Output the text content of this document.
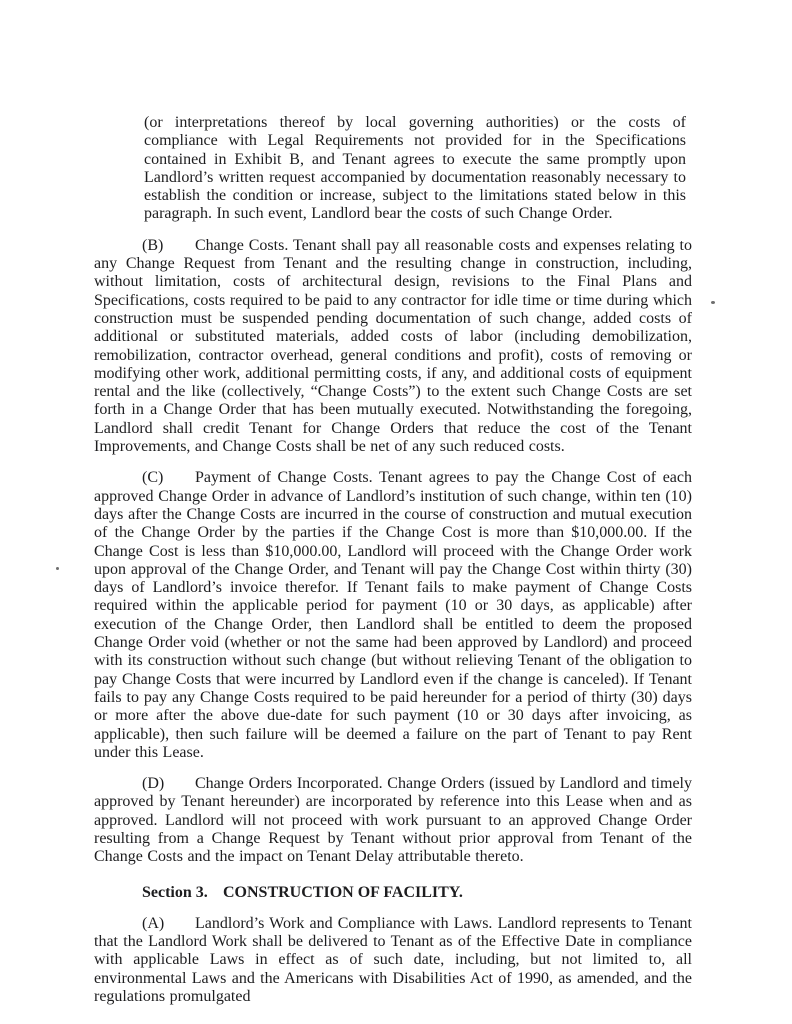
(or interpretations thereof by local governing authorities) or the costs of compliance with Legal Requirements not provided for in the Specifications contained in Exhibit B, and Tenant agrees to execute the same promptly upon Landlord’s written request accompanied by documentation reasonably necessary to establish the condition or increase, subject to the limitations stated below in this paragraph. In such event, Landlord bear the costs of such Change Order.

(B) Change Costs. Tenant shall pay all reasonable costs and expenses relating to any Change Request from Tenant and the resulting change in construction, including, without limitation, costs of architectural design, revisions to the Final Plans and Specifications, costs required to be paid to any contractor for idle time or time during which construction must be suspended pending documentation of such change, added costs of additional or substituted materials, added costs of labor (including demobilization, remobilization, contractor overhead, general conditions and profit), costs of removing or modifying other work, additional permitting costs, if any, and additional costs of equipment rental and the like (collectively, “Change Costs”) to the extent such Change Costs are set forth in a Change Order that has been mutually executed. Notwithstanding the foregoing, Landlord shall credit Tenant for Change Orders that reduce the cost of the Tenant Improvements, and Change Costs shall be net of any such reduced costs.

(C) Payment of Change Costs. Tenant agrees to pay the Change Cost of each approved Change Order in advance of Landlord’s institution of such change, within ten (10) days after the Change Costs are incurred in the course of construction and mutual execution of the Change Order by the parties if the Change Cost is more than $10,000.00. If the Change Cost is less than $10,000.00, Landlord will proceed with the Change Order work upon approval of the Change Order, and Tenant will pay the Change Cost within thirty (30) days of Landlord’s invoice therefor. If Tenant fails to make payment of Change Costs required within the applicable period for payment (10 or 30 days, as applicable) after execution of the Change Order, then Landlord shall be entitled to deem the proposed Change Order void (whether or not the same had been approved by Landlord) and proceed with its construction without such change (but without relieving Tenant of the obligation to pay Change Costs that were incurred by Landlord even if the change is canceled). If Tenant fails to pay any Change Costs required to be paid hereunder for a period of thirty (30) days or more after the above due-date for such payment (10 or 30 days after invoicing, as applicable), then such failure will be deemed a failure on the part of Tenant to pay Rent under this Lease.

(D) Change Orders Incorporated. Change Orders (issued by Landlord and timely approved by Tenant hereunder) are incorporated by reference into this Lease when and as approved. Landlord will not proceed with work pursuant to an approved Change Order resulting from a Change Request by Tenant without prior approval from Tenant of the Change Costs and the impact on Tenant Delay attributable thereto.

Section 3. CONSTRUCTION OF FACILITY.

(A) Landlord’s Work and Compliance with Laws. Landlord represents to Tenant that the Landlord Work shall be delivered to Tenant as of the Effective Date in compliance with applicable Laws in effect as of such date, including, but not limited to, all environmental Laws and the Americans with Disabilities Act of 1990, as amended, and the regulations promulgated
